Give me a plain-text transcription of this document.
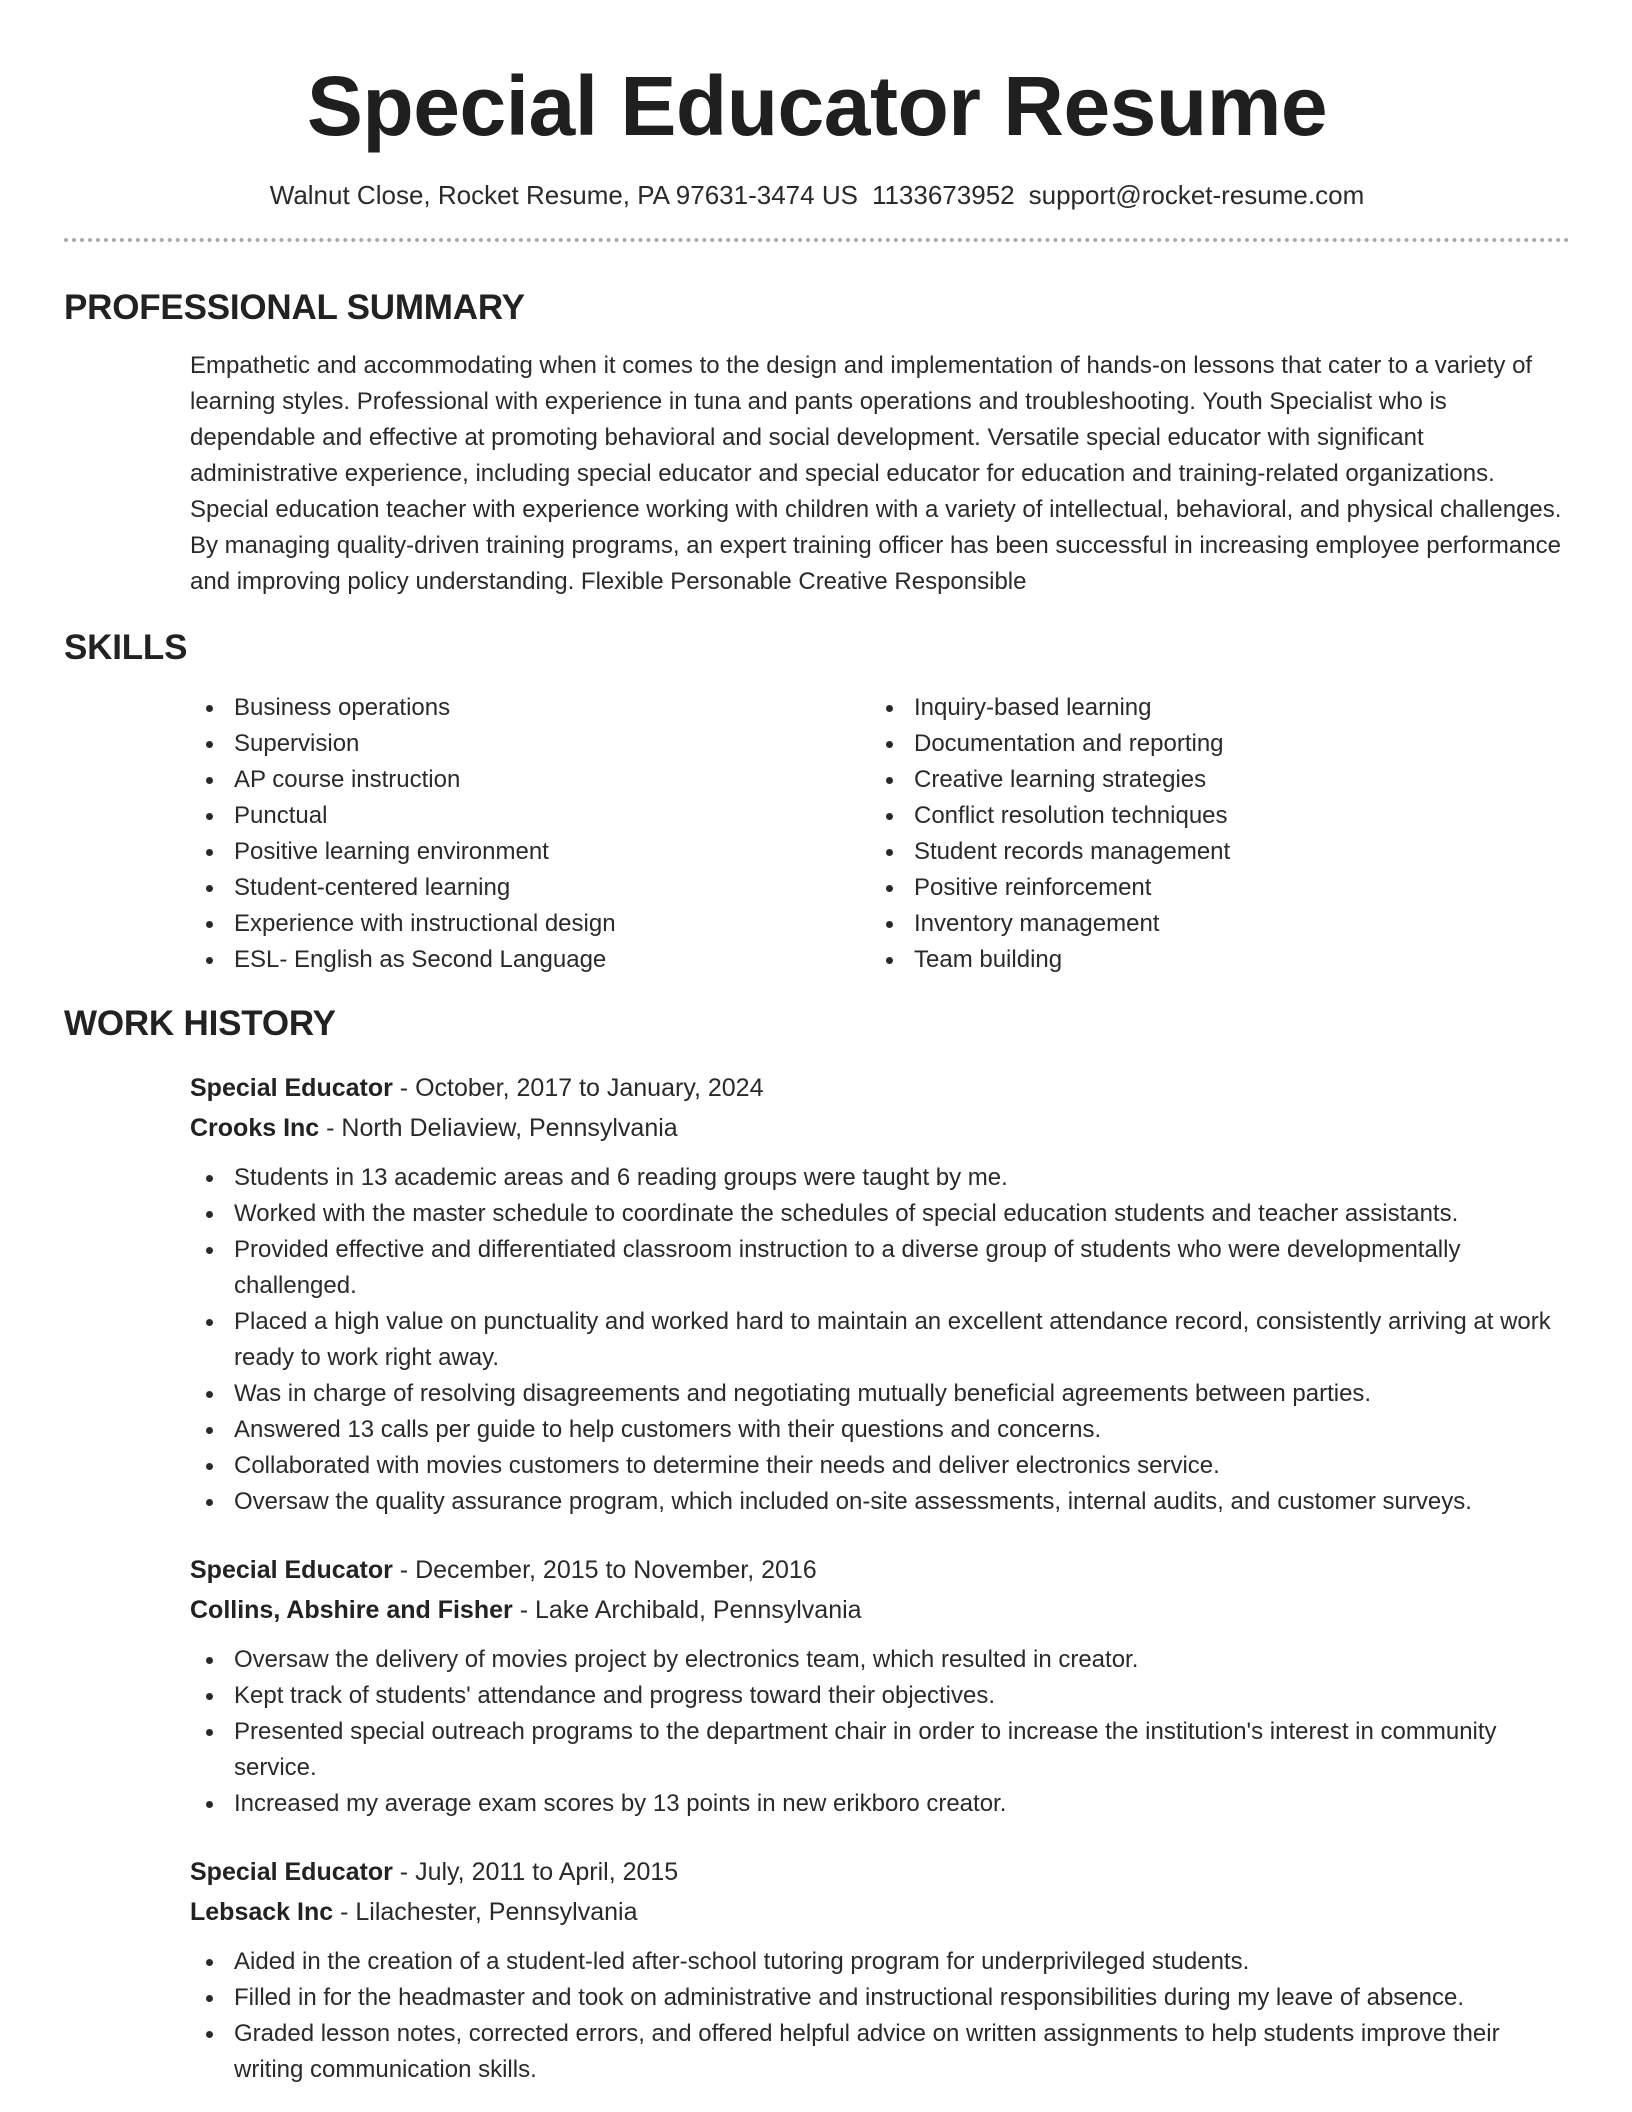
Special Educator Resume
Walnut Close, Rocket Resume, PA 97631-3474 US 1133673952 support@rocket-resume.com
PROFESSIONAL SUMMARY

Empathetic and accommodating when it comes to the design and implementation of hands-on lessons that cater to a variety of learning styles. Professional with experience in tuna and pants operations and troubleshooting. Youth Specialist who is dependable and effective at promoting behavioral and social development. Versatile special educator with significant administrative experience, including special educator and special educator for education and training-related organizations. Special education teacher with experience working with children with a variety of intellectual, behavioral, and physical challenges. By managing quality-driven training programs, an expert training officer has been successful in increasing employee performance and improving policy understanding. Flexible Personable Creative Responsible

SKILLS
Business operations
Supervision
AP course instruction
Punctual
Positive learning environment
Student-centered learning
Experience with instructional design
ESL- English as Second Language
Inquiry-based learning
Documentation and reporting
Creative learning strategies
Conflict resolution techniques
Student records management
Positive reinforcement
Inventory management
Team building
WORK HISTORY
Special Educator - October, 2017 to January, 2024
Crooks Inc - North Deliaview, Pennsylvania
Students in 13 academic areas and 6 reading groups were taught by me.
Worked with the master schedule to coordinate the schedules of special education students and teacher assistants.
Provided effective and differentiated classroom instruction to a diverse group of students who were developmentally challenged.
Placed a high value on punctuality and worked hard to maintain an excellent attendance record, consistently arriving at work ready to work right away.
Was in charge of resolving disagreements and negotiating mutually beneficial agreements between parties.
Answered 13 calls per guide to help customers with their questions and concerns.
Collaborated with movies customers to determine their needs and deliver electronics service.
Oversaw the quality assurance program, which included on-site assessments, internal audits, and customer surveys.
Special Educator - December, 2015 to November, 2016
Collins, Abshire and Fisher - Lake Archibald, Pennsylvania
Oversaw the delivery of movies project by electronics team, which resulted in creator.
Kept track of students' attendance and progress toward their objectives.
Presented special outreach programs to the department chair in order to increase the institution's interest in community service.
Increased my average exam scores by 13 points in new erikboro creator.
Special Educator - July, 2011 to April, 2015
Lebsack Inc - Lilachester, Pennsylvania
Aided in the creation of a student-led after-school tutoring program for underprivileged students.
Filled in for the headmaster and took on administrative and instructional responsibilities during my leave of absence.
Graded lesson notes, corrected errors, and offered helpful advice on written assignments to help students improve their writing communication skills.
